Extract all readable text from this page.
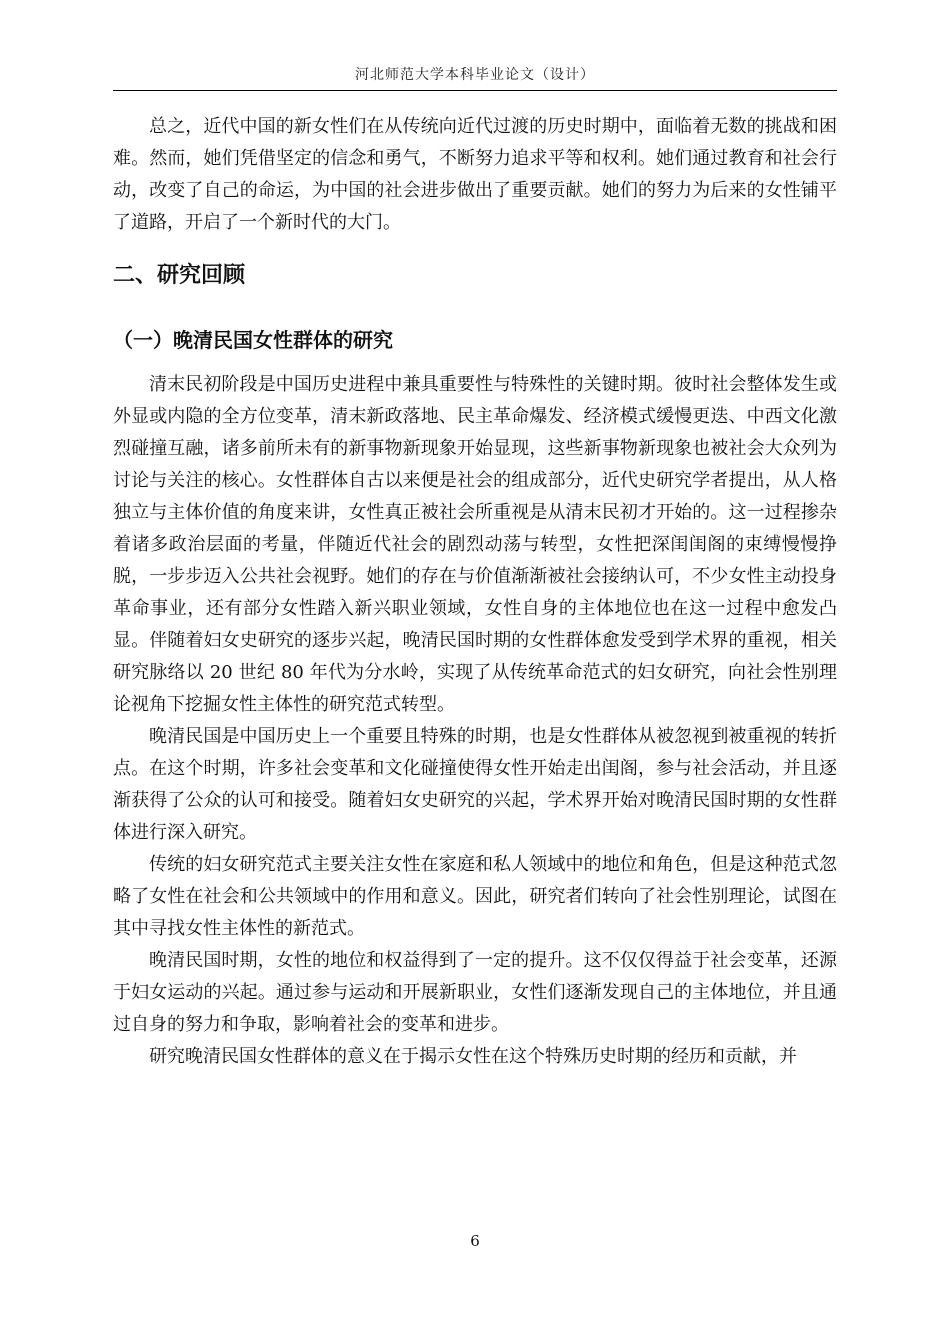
河北师范大学本科毕业论文（设计）

总之，近代中国的新女性们在从传统向近代过渡的历史时期中，面临着无数的挑战和困难。然而，她们凭借坚定的信念和勇气，不断努力追求平等和权利。她们通过教育和社会行动，改变了自己的命运，为中国的社会进步做出了重要贡献。她们的努力为后来的女性铺平了道路，开启了一个新时代的大门。

二、研究回顾
（一）晚清民国女性群体的研究

清末民初阶段是中国历史进程中兼具重要性与特殊性的关键时期。彼时社会整体发生或外显或内隐的全方位变革，清末新政落地、民主革命爆发、经济模式缓慢更迭、中西文化激烈碰撞互融，诸多前所未有的新事物新现象开始显现，这些新事物新现象也被社会大众列为讨论与关注的核心。女性群体自古以来便是社会的组成部分，近代史研究学者提出，从人格独立与主体价值的角度来讲，女性真正被社会所重视是从清末民初才开始的。这一过程掺杂着诸多政治层面的考量，伴随近代社会的剧烈动荡与转型，女性把深闺闺阁的束缚慢慢挣脱，一步步迈入公共社会视野。她们的存在与价值渐渐被社会接纳认可，不少女性主动投身革命事业，还有部分女性踏入新兴职业领域，女性自身的主体地位也在这一过程中愈发凸显。伴随着妇女史研究的逐步兴起，晚清民国时期的女性群体愈发受到学术界的重视，相关研究脉络以 20 世纪 80 年代为分水岭，实现了从传统革命范式的妇女研究，向社会性别理论视角下挖掘女性主体性的研究范式转型。

晚清民国是中国历史上一个重要且特殊的时期，也是女性群体从被忽视到被重视的转折点。在这个时期，许多社会变革和文化碰撞使得女性开始走出闺阁，参与社会活动，并且逐渐获得了公众的认可和接受。随着妇女史研究的兴起，学术界开始对晚清民国时期的女性群体进行深入研究。

传统的妇女研究范式主要关注女性在家庭和私人领域中的地位和角色，但是这种范式忽略了女性在社会和公共领域中的作用和意义。因此，研究者们转向了社会性别理论，试图在其中寻找女性主体性的新范式。

晚清民国时期，女性的地位和权益得到了一定的提升。这不仅仅得益于社会变革，还源于妇女运动的兴起。通过参与运动和开展新职业，女性们逐渐发现自己的主体地位，并且通过自身的努力和争取，影响着社会的变革和进步。

研究晚清民国女性群体的意义在于揭示女性在这个特殊历史时期的经历和贡献，并

6
